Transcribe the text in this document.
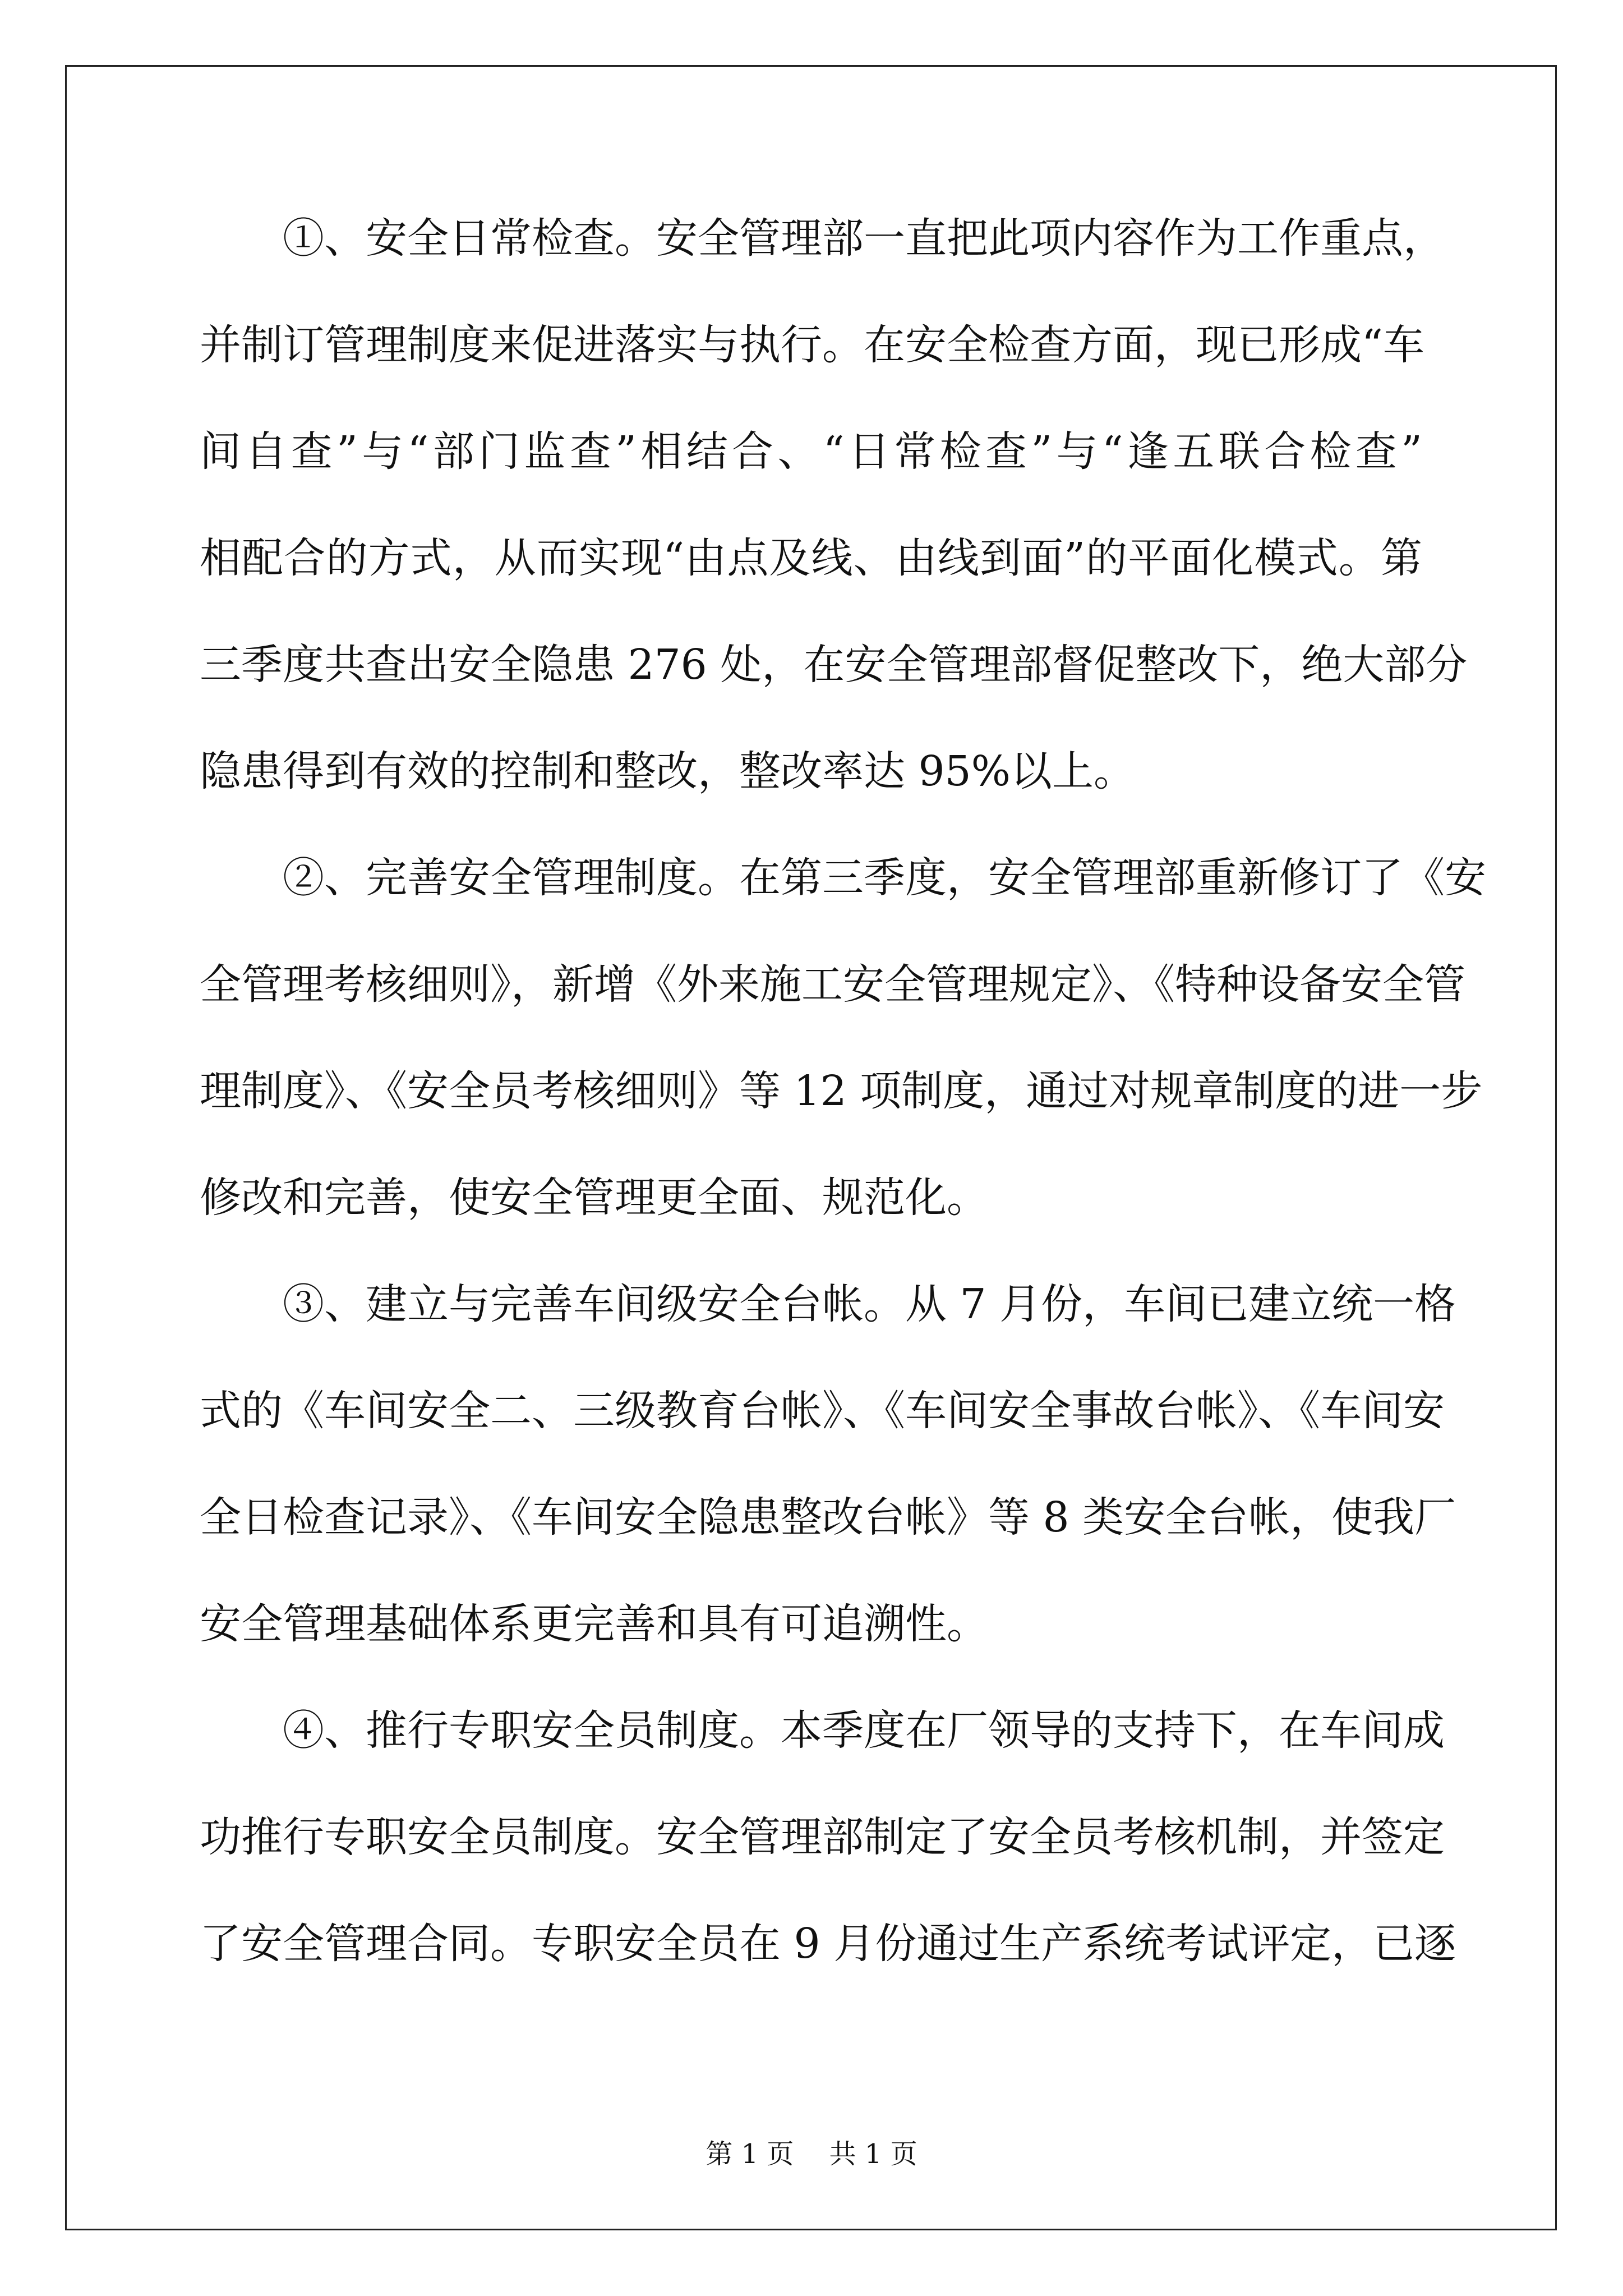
　　①、安全日常检查。安全管理部一直把此项内容作为工作重点，
并制订管理制度来促进落实与执行。在安全检查方面，现已形成“车
间自查”与“部门监查”相结合、“日常检查”与“逢五联合检查”
相配合的方式，从而实现“由点及线、由线到面”的平面化模式。第
三季度共查出安全隐患 276 处，在安全管理部督促整改下，绝大部分
隐患得到有效的控制和整改，整改率达 95%以上。
　　②、完善安全管理制度。在第三季度，安全管理部重新修订了《安
全管理考核细则》，新增《外来施工安全管理规定》、《特种设备安全管
理制度》、《安全员考核细则》等 12 项制度，通过对规章制度的进一步
修改和完善，使安全管理更全面、规范化。
　　③、建立与完善车间级安全台帐。从 7 月份，车间已建立统一格
式的《车间安全二、三级教育台帐》、《车间安全事故台帐》、《车间安
全日检查记录》、《车间安全隐患整改台帐》等 8 类安全台帐，使我厂
安全管理基础体系更完善和具有可追溯性。
　　④、推行专职安全员制度。本季度在厂领导的支持下，在车间成
功推行专职安全员制度。安全管理部制定了安全员考核机制，并签定
了安全管理合同。专职安全员在 9 月份通过生产系统考试评定，已逐
第 1 页　 共 1 页
